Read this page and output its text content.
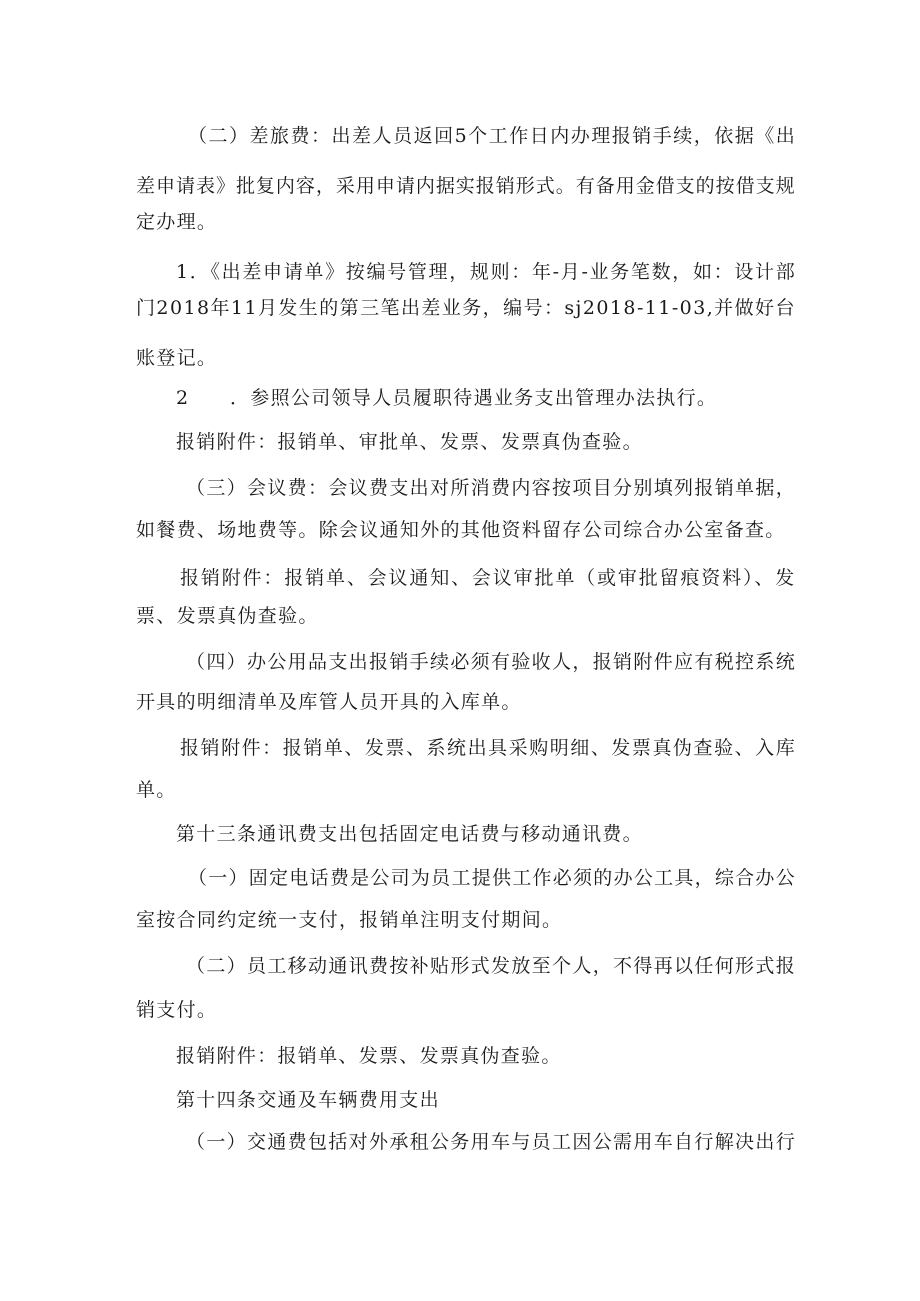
（二）差旅费：出差人员返回5个工作日内办理报销手续，依据《出
差申请表》批复内容，采用申请内据实报销形式。有备用金借支的按借支规
定办理。
1．《出差申请单》按编号管理，规则：年-月-业务笔数，如：设计部
门2018年11月发生的第三笔出差业务，编号：sj2018-11-03,并做好台
账登记。
2　　．参照公司领导人员履职待遇业务支出管理办法执行。
报销附件：报销单、审批单、发票、发票真伪查验。
（三）会议费：会议费支出对所消费内容按项目分别填列报销单据，
如餐费、场地费等。除会议通知外的其他资料留存公司综合办公室备查。
报销附件：报销单、会议通知、会议审批单（或审批留痕资料）、发
票、发票真伪查验。
（四）办公用品支出报销手续必须有验收人，报销附件应有税控系统
开具的明细清单及库管人员开具的入库单。
报销附件：报销单、发票、系统出具采购明细、发票真伪查验、入库
单。
第十三条通讯费支出包括固定电话费与移动通讯费。
（一）固定电话费是公司为员工提供工作必须的办公工具，综合办公
室按合同约定统一支付，报销单注明支付期间。
（二）员工移动通讯费按补贴形式发放至个人，不得再以任何形式报
销支付。
报销附件：报销单、发票、发票真伪查验。
第十四条交通及车辆费用支出
（一）交通费包括对外承租公务用车与员工因公需用车自行解决出行
